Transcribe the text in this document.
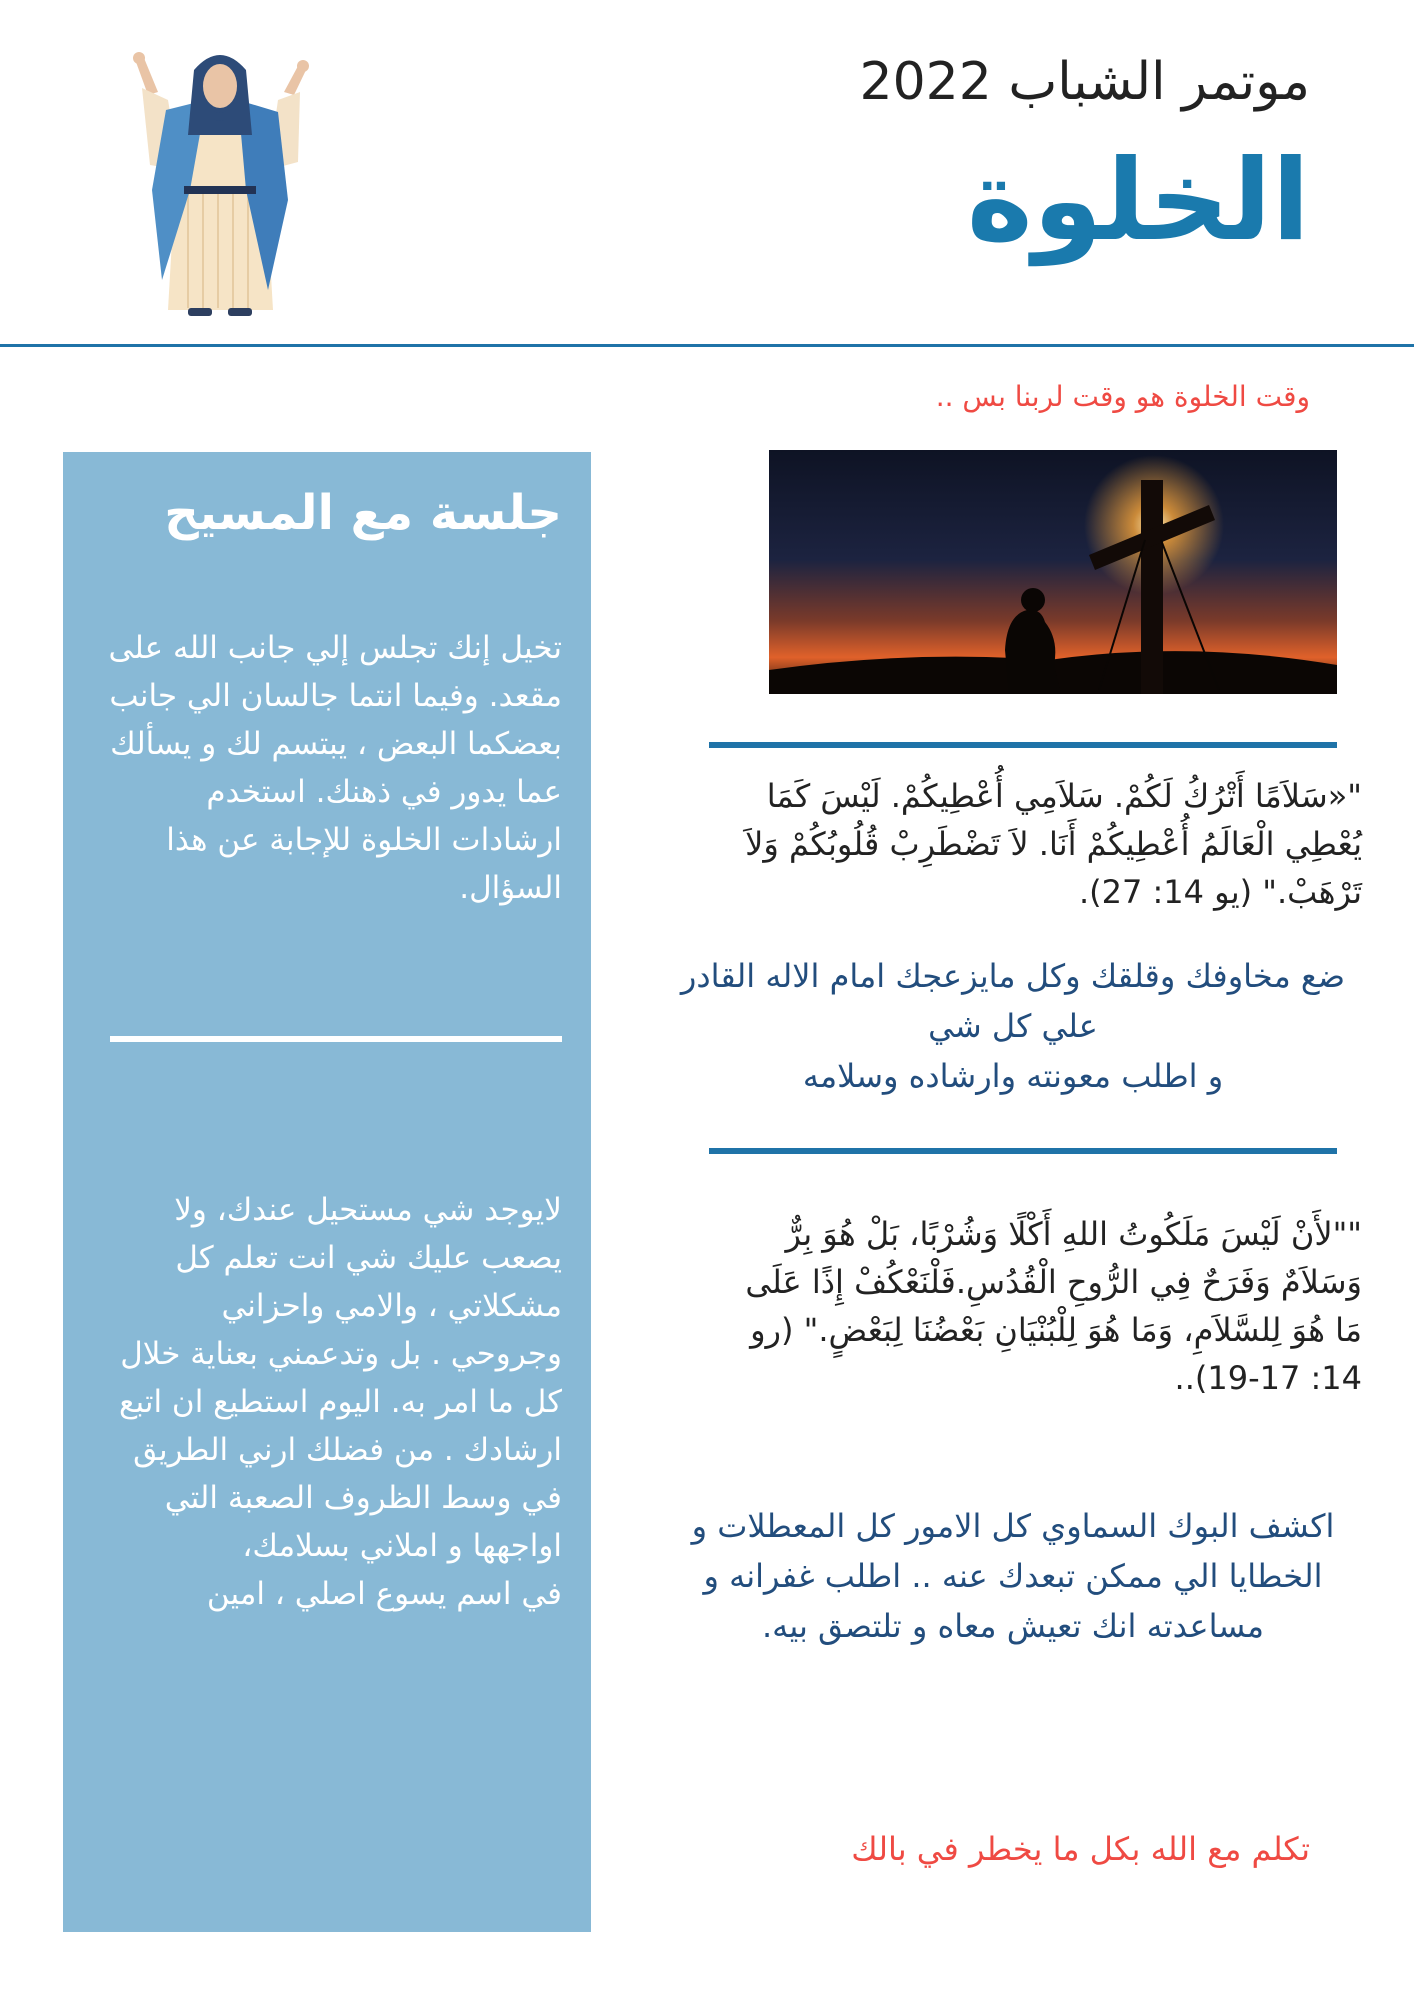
موتمر الشباب 2022
الخلوة
وقت الخلوة هو وقت لربنا بس ..
جلسة مع المسيح
تخيل إنك تجلس إلي جانب الله على مقعد. وفيما انتما جالسان الي جانب بعضكما البعض ، يبتسم لك و يسألك عما يدور في ذهنك. استخدم ارشادات الخلوة للإجابة عن هذا السؤال.
لايوجد شي مستحيل عندك، ولا يصعب عليك شي انت تعلم كل مشكلاتي ، والامي واحزاني وجروحي . بل وتدعمني بعناية خلال كل ما امر به. اليوم استطيع ان اتبع ارشادك . من فضلك ارني الطريق في وسط الظروف الصعبة التي اواجهها و املاني بسلامك،
في اسم يسوع اصلي ، امين
"«سَلاَمًا أَتْرُكُ لَكُمْ. سَلاَمِي أُعْطِيكُمْ. لَيْسَ كَمَا يُعْطِي الْعَالَمُ أُعْطِيكُمْ أَنَا. لاَ تَضْطَرِبْ قُلُوبُكُمْ وَلاَ تَرْهَبْ." (يو 14: 27).
ضع مخاوفك وقلقك وكل مايزعجك امام الاله القادر علي كل شي
و اطلب معونته وارشاده وسلامه
""لأَنْ لَيْسَ مَلَكُوتُ اللهِ أَكْلًا وَشُرْبًا، بَلْ هُوَ بِرٌّ وَسَلاَمٌ وَفَرَحٌ فِي الرُّوحِ الْقُدُسِ.فَلْنَعْكُفْ إِذًا عَلَى مَا هُوَ لِلسَّلاَمِ، وَمَا هُوَ لِلْبُنْيَانِ بَعْضُنَا لِبَعْضٍ." (رو 14: 17-19)..
اكشف البوك السماوي كل الامور كل المعطلات و الخطايا الي ممكن تبعدك عنه .. اطلب غفرانه و مساعدته انك تعيش معاه و تلتصق بيه.
تكلم مع الله بكل ما يخطر في بالك
